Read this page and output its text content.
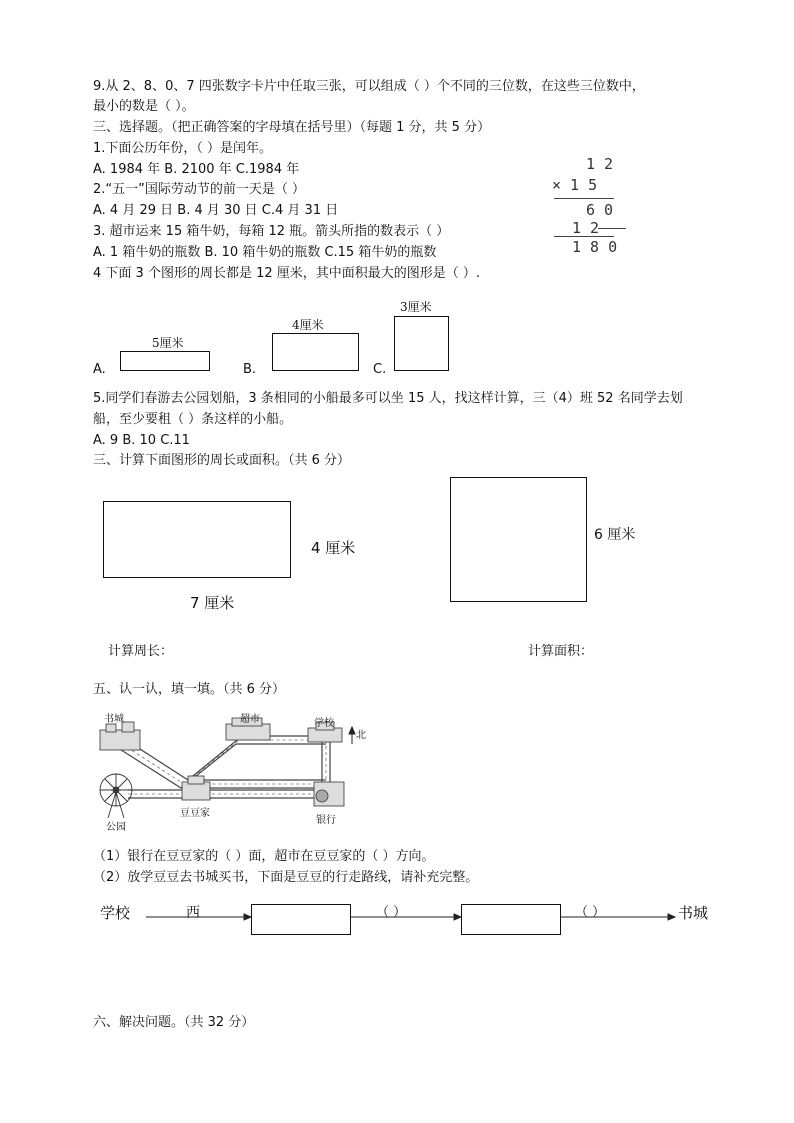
9.从 2、8、0、7 四张数字卡片中任取三张，可以组成（ ）个不同的三位数，在这些三位数中，
最小的数是（ ）。
三、选择题。（把正确答案的字母填在括号里）（每题 1 分，共 5 分）
1.下面公历年份，（ ）是闰年。
A. 1984 年 B. 2100 年 C.1984 年
2.“五一”国际劳动节的前一天是（ ）
A. 4 月 29 日 B. 4 月 30 日 C.4 月 31 日
3. 超市运来 15 箱牛奶，每箱 12 瓶。箭头所指的数表示（ ）
A. 1 箱牛奶的瓶数 B. 10 箱牛奶的瓶数 C.15 箱牛奶的瓶数
4 下面 3 个图形的周长都是 12 厘米，其中面积最大的图形是（ ）.
1 2
× 1 5
6 0
1 2
1 8 0
A.
5厘米
B.
4厘米
C.
3厘米
5.同学们春游去公园划船，3 条相同的小船最多可以坐 15 人，找这样计算，三（4）班 52 名同学去划
船，至少要租（ ）条这样的小船。
A. 9 B. 10 C.11
三、计算下面图形的周长或面积。（共 6 分）
4 厘米
7 厘米
6 厘米
计算周长：	计算面积：
五、认一认，填一填。（共 6 分）
书城	超市	学校
北
公园
豆豆家
银行
（1）银行在豆豆家的（ ）面，超市在豆豆家的（ ）方向。
（2）放学豆豆去书城买书，下面是豆豆的行走路线，请补充完整。
学校	西	（ ）	（ ）	书城
六、解决问题。（共 32 分）
